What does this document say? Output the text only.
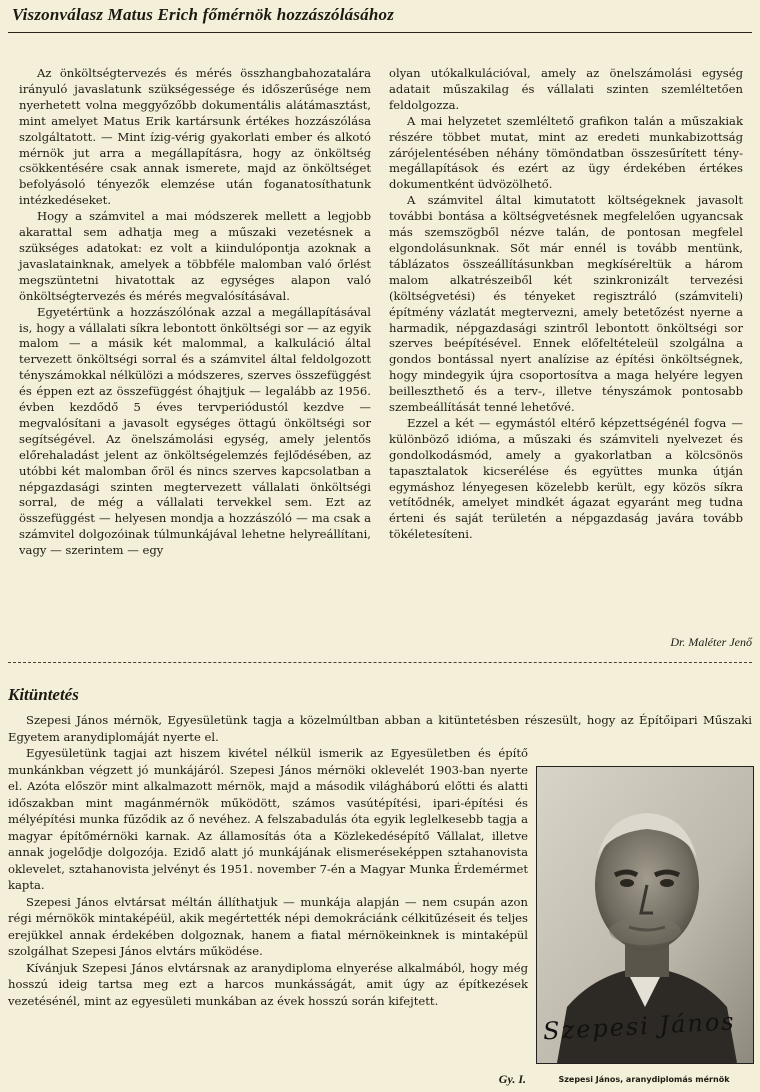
Viszonválasz Matus Erich főmérnök hozzászólásához

Az önköltségtervezés és mérés összhangbahozatalára irányuló javaslatunk szükségessége és időszerűsége nem nyerhetett volna meggyőzőbb dokumentális alátámasztást, mint amelyet Matus Erik kartársunk értékes hozzászólása szolgáltatott. — Mint ízig-vérig gyakorlati ember és alkotó mérnök jut arra a megállapításra, hogy az önköltség csökkentésére csak annak ismerete, majd az önköltséget befolyásoló tényezők elemzése után foganatosíthatunk intézkedéseket.

Hogy a számvitel a mai módszerek mellett a legjobb akarattal sem adhatja meg a műszaki vezetésnek a szükséges adatokat: ez volt a kiindulópontja azoknak a javaslatainknak, amelyek a többféle malomban való őrlést megszüntetni hivatottak az egységes alapon való önköltségtervezés és mérés megvalósításával.

Egyetértünk a hozzászólónak azzal a megállapításával is, hogy a vállalati síkra lebontott önköltségi sor — az egyik malom — a másik két malommal, a kalkuláció által tervezett önköltségi sorral és a számvitel által feldolgozott tényszámokkal nélkülözi a módszeres, szerves összefüggést és éppen ezt az összefüggést óhajtjuk — legalább az 1956. évben kezdődő 5 éves tervperiódustól kezdve — megvalósítani a javasolt egységes öttagú önköltségi sor segítségével. Az önelszámolási egység, amely jelentős előrehaladást jelent az önköltségelemzés fejlődésében, az utóbbi két malomban őröl és nincs szerves kapcsolatban a népgazdasági szinten megtervezett vállalati önköltségi sorral, de még a vállalati tervekkel sem. Ezt az összefüggést — helyesen mondja a hozzászóló — ma csak a számvitel dolgozóinak túlmunkájával lehetne helyreállítani, vagy — szerintem — egy

olyan utókalkulációval, amely az önelszámolási egység adatait műszakilag és vállalati szinten szemléltetően feldolgozza.

A mai helyzetet szemléltető grafikon talán a műszakiak részére többet mutat, mint az eredeti munkabizottság zárójelentésében néhány tömöndatban összesűrített ténymegállapítások és ezért az ügy érdekében értékes dokumentként üdvözölhető.

A számvitel által kimutatott költségeknek javasolt további bontása a költségvetésnek megfelelően ugyancsak más szemszögből nézve talán, de pontosan megfelel elgondolásunknak. Sőt már ennél is tovább mentünk, táblázatos összeállításunkban megkíséreltük a három malom alkatrészeiből két szinkronizált tervezési (költségvetési) és tényeket regisztráló (számviteli) építmény vázlatát megtervezni, amely betetőzést nyerne a harmadik, népgazdasági szintről lebontott önköltségi sor szerves beépítésével. Ennek előfeltételeül szolgálna a gondos bontással nyert analízise az építési önköltségnek, hogy mindegyik újra csoportosítva a maga helyére legyen beilleszthető és a terv-, illetve tényszámok pontosabb szembeállítását tenné lehetővé.

Ezzel a két — egymástól eltérő képzettségénél fogva — különböző idióma, a műszaki és számviteli nyelvezet és gondolkodásmód, amely a gyakorlatban a kölcsönös tapasztalatok kicserélése és együttes munka útján egymáshoz lényegesen közelebb került, egy közös síkra vetítődnék, amelyet mindkét ágazat egyaránt meg tudna érteni és saját területén a népgazdaság javára tovább tökéletesíteni.

Dr. Maléter Jenő
Kitüntetés

Szepesi János mérnök, Egyesületünk tagja a közelmúltban abban a kitüntetésben részesült, hogy az Építőipari Műszaki Egyetem aranydiplomáját nyerte el.

Egyesületünk tagjai azt hiszem kivétel nélkül ismerik az Egyesületben és építő munkánkban végzett jó munkájáról. Szepesi János mérnöki oklevelét 1903-ban nyerte el. Azóta először mint alkalmazott mérnök, majd a második világháború előtti és alatti időszakban mint magánmérnök működött, számos vasútépítési, ipari-építési és mélyépítési munka fűződik az ő nevéhez. A felszabadulás óta egyik leglelkesebb tagja a magyar építőmérnöki karnak. Az államosítás óta a Közlekedésépítő Vállalat, illetve annak jogelődje dolgozója. Ezidő alatt jó munkájának elismeréseképpen sztahanovista oklevelet, sztahanovista jelvényt és 1951. november 7-én a Magyar Munka Érdemérmet kapta.

Szepesi János elvtársat méltán állíthatjuk — munkája alapján — nem csupán azon régi mérnökök mintaképéül, akik megértették népi demokráciánk célkitűzéseit és teljes erejükkel annak érdekében dolgoznak, hanem a fiatal mérnökeinknek is mintaképül szolgálhat Szepesi János elvtárs működése.

Kívánjuk Szepesi János elvtársnak az aranydiploma elnyerése alkalmából, hogy még hosszú ideig tartsa meg ezt a harcos munkásságát, amit úgy az építkezések vezetésénél, mint az egyesületi munkában az évek hosszú során kifejtett.

Szepesi János
Szepesi János, aranydiplomás mérnök
Gy. I.
